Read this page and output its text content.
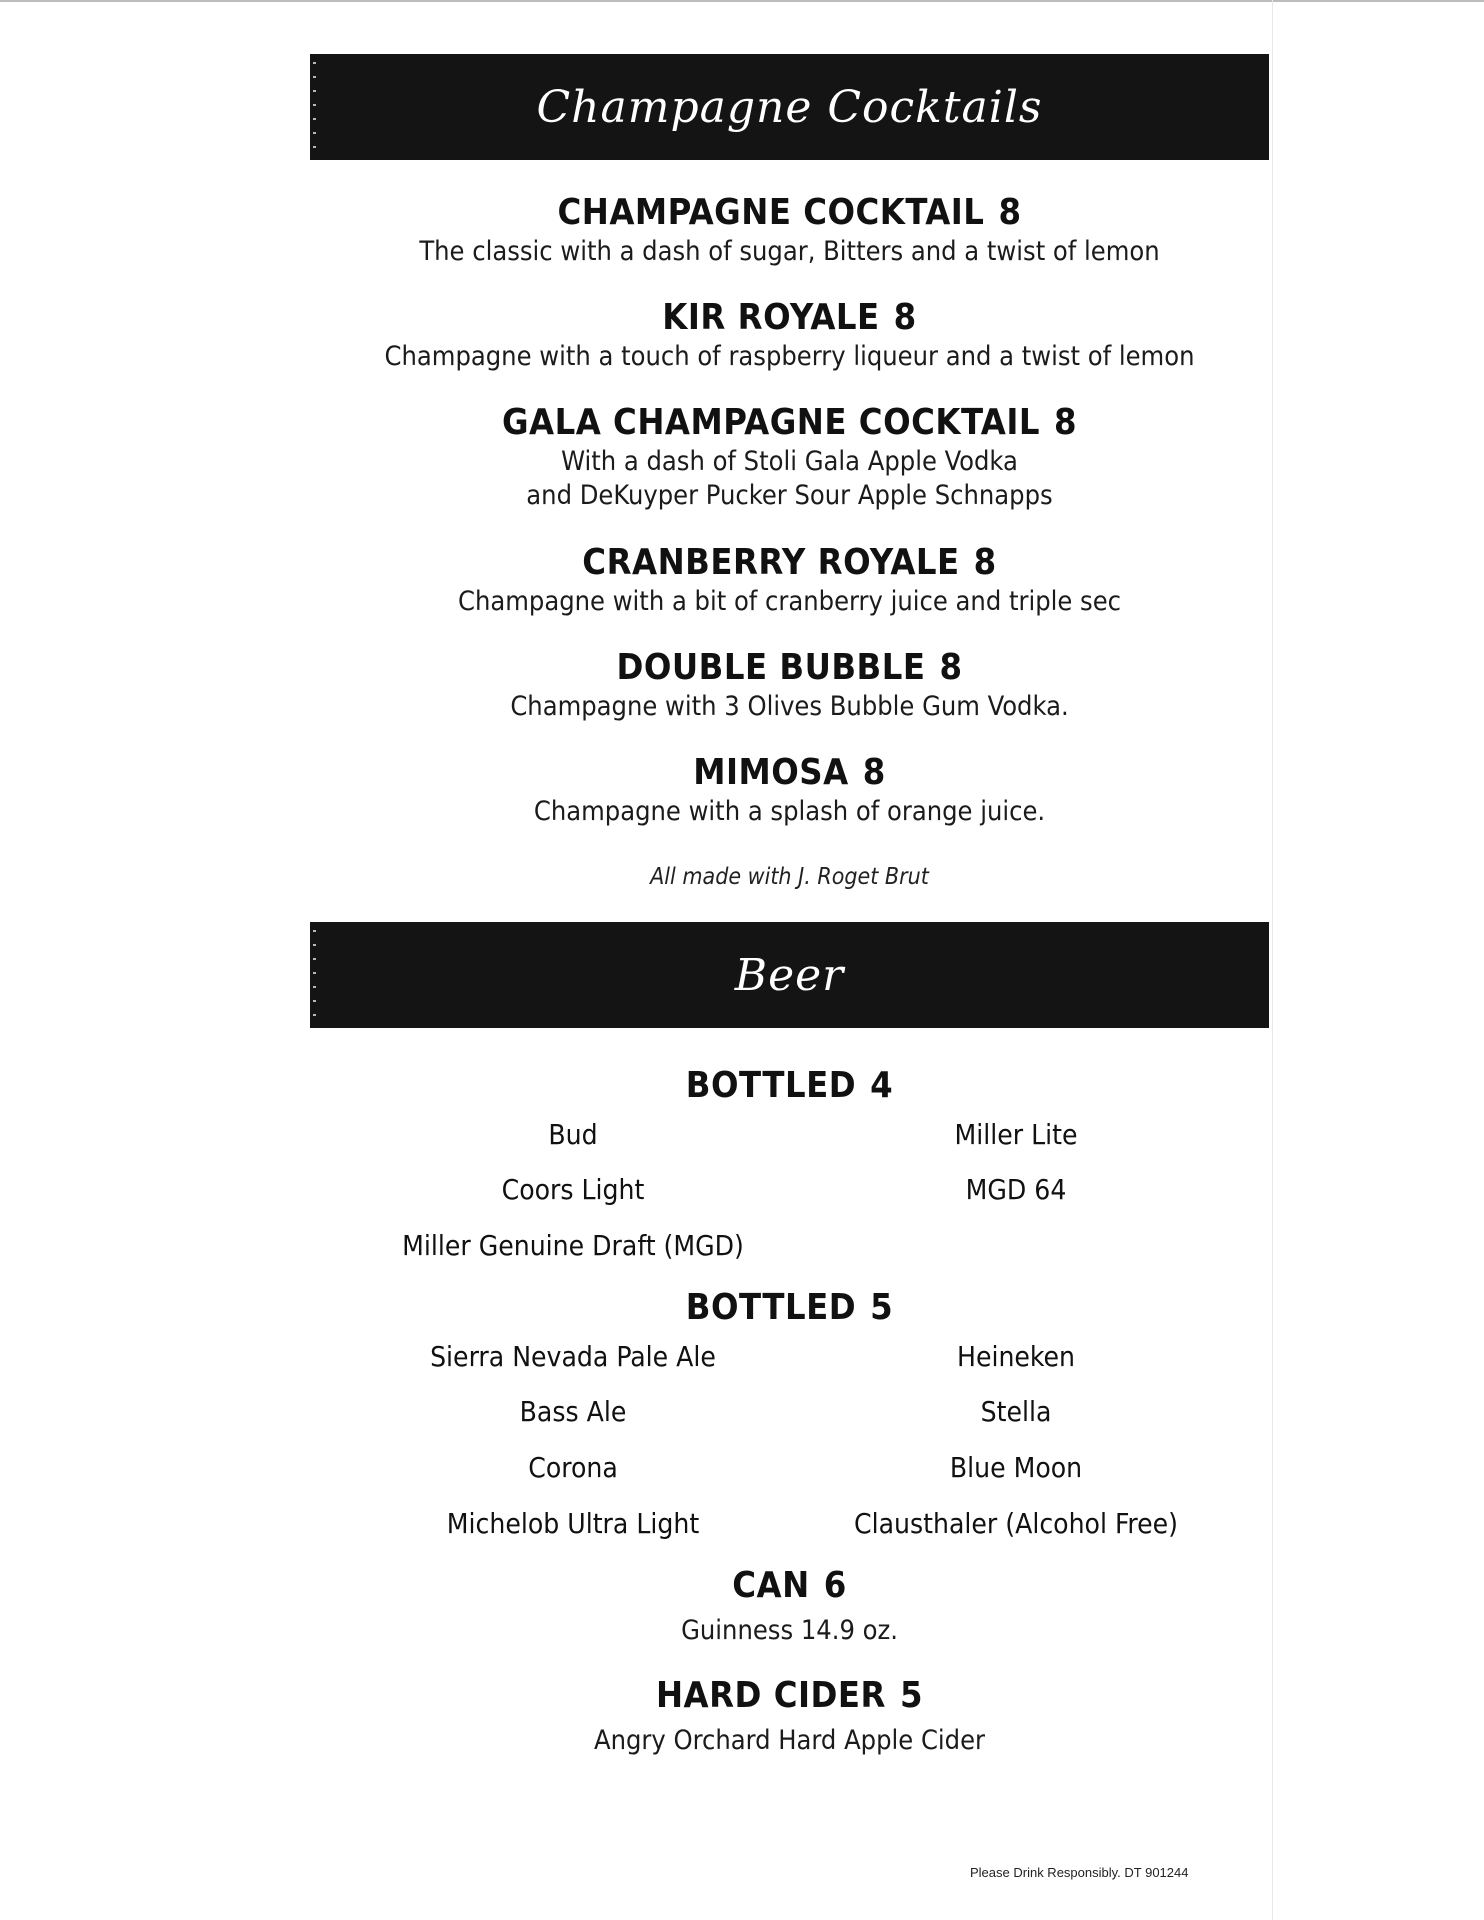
Champagne Cocktails
CHAMPAGNE COCKTAIL 8
The classic with a dash of sugar, Bitters and a twist of lemon
KIR ROYALE 8
Champagne with a touch of raspberry liqueur and a twist of lemon
GALA CHAMPAGNE COCKTAIL 8
With a dash of Stoli Gala Apple Vodka
and DeKuyper Pucker Sour Apple Schnapps
CRANBERRY ROYALE 8
Champagne with a bit of cranberry juice and triple sec
DOUBLE BUBBLE 8
Champagne with 3 Olives Bubble Gum Vodka.
MIMOSA 8
Champagne with a splash of orange juice.
All made with J. Roget Brut
Beer
BOTTLED 4
Bud
Coors Light
Miller Genuine Draft (MGD)
Miller Lite
MGD 64
BOTTLED 5
Sierra Nevada Pale Ale
Bass Ale
Corona
Michelob Ultra Light
Heineken
Stella
Blue Moon
Clausthaler (Alcohol Free)
CAN 6
Guinness 14.9 oz.
HARD CIDER 5
Angry Orchard Hard Apple Cider
Please Drink Responsibly. DT 901244
